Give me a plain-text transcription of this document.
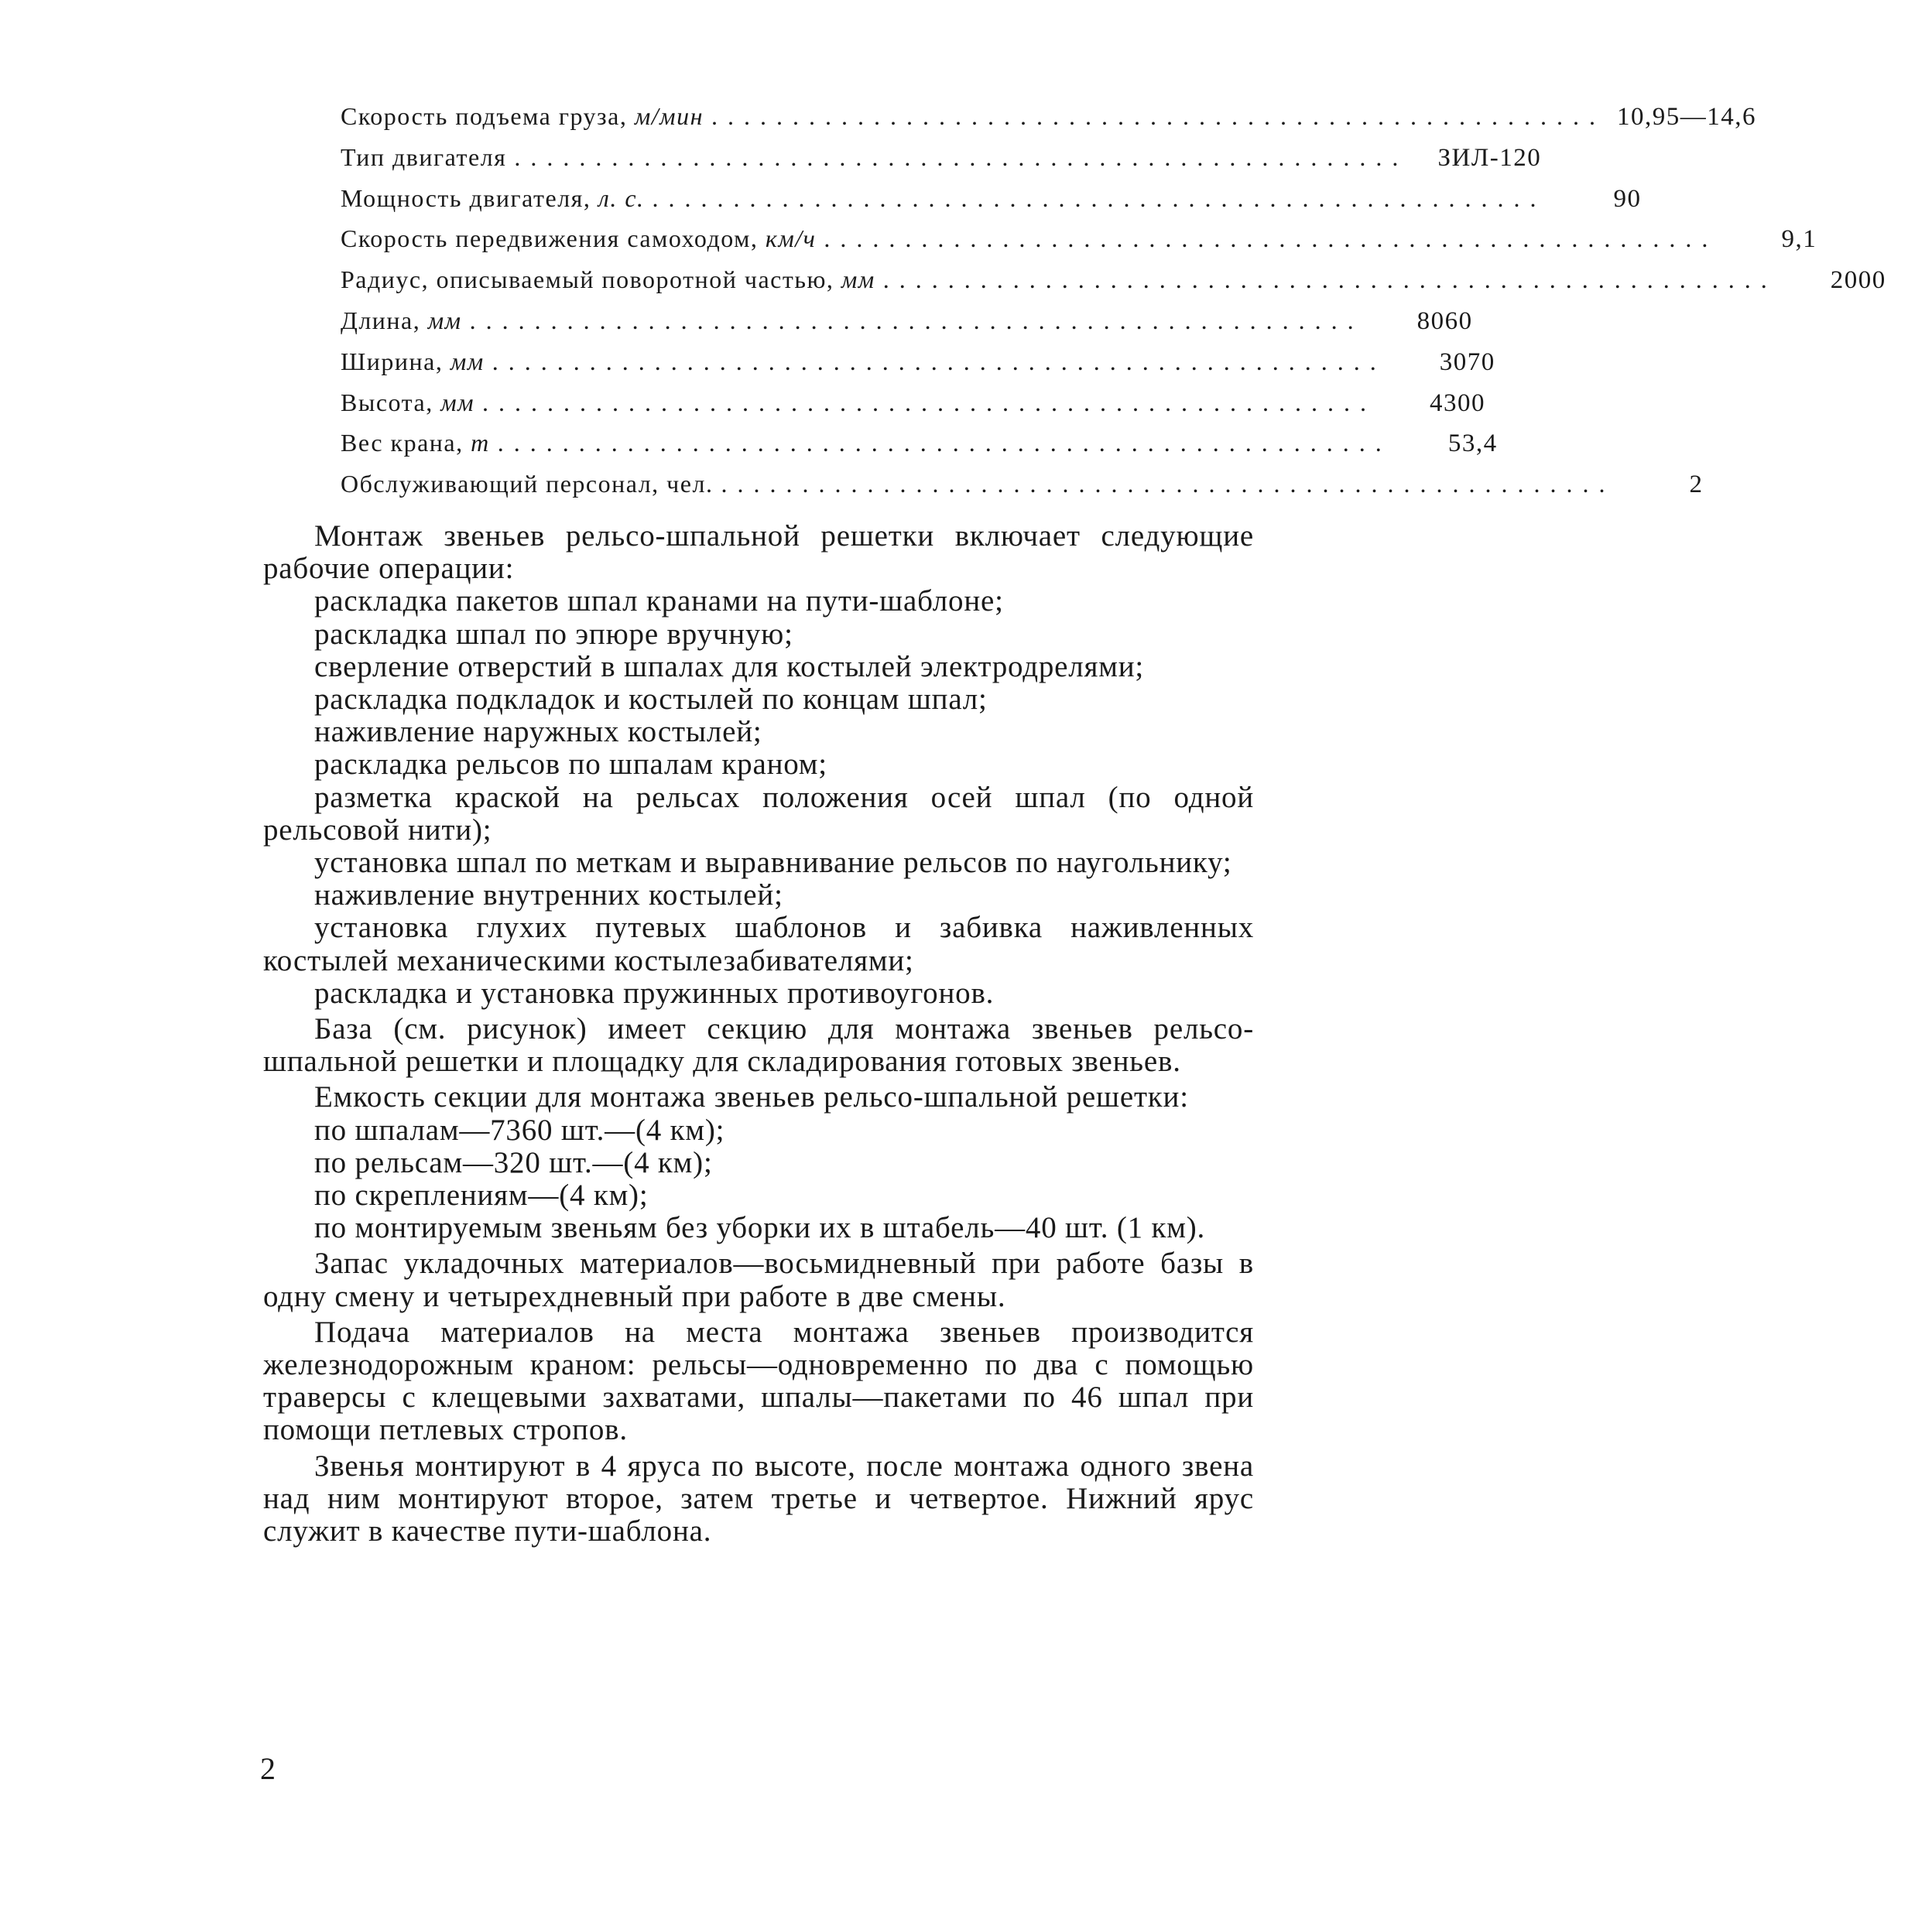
Скорость подъема груза,
м/мин ....................................................... 10,95—14,6
Тип двигателя .......................................................	ЗИЛ-120
Мощность двигателя,
л. с. .......................................................	90
Скорость передвижения самоходом,
км/ч .......................................................	9,1
Радиус, описываемый поворотной частью,
мм .......................................................	2000
Длина,
мм .......................................................	8060
Ширина,
мм .......................................................	3070
Высота,
мм .......................................................	4300
Вес крана,
т .......................................................	53,4
Обслуживающий персонал, чел. .......................................................	2

Монтаж звеньев рельсо-шпальной решетки включает следующие рабочие операции:

раскладка пакетов шпал кранами на пути-шаблоне;

раскладка шпал по эпюре вручную;

сверление отверстий в шпалах для костылей электродрелями;

раскладка подкладок и костылей по концам шпал;

наживление наружных костылей;

раскладка рельсов по шпалам краном;

разметка краской на рельсах положения осей шпал (по одной рельсовой нити);

установка шпал по меткам и выравнивание рельсов по наугольнику;

наживление внутренних костылей;

установка глухих путевых шаблонов и забивка наживленных костылей механическими костылезабивателями;

раскладка и установка пружинных противоугонов.

База (см. рисунок) имеет секцию для монтажа звеньев рельсо-шпальной решетки и площадку для складирования готовых звеньев.

Емкость секции для монтажа звеньев рельсо-шпальной решетки:

по шпалам—7360 шт.—(4 км);

по рельсам—320 шт.—(4 км);

по скреплениям—(4 км);

по монтируемым звеньям без уборки их в штабель—40 шт. (1 км).

Запас укладочных материалов—восьмидневный при работе базы в одну смену и четырехдневный при работе в две смены.

Подача материалов на места монтажа звеньев производится железнодорожным краном: рельсы—одновременно по два с помощью траверсы с клещевыми захватами, шпалы—пакетами по 46 шпал при помощи петлевых стропов.

Звенья монтируют в 4 яруса по высоте, после монтажа одного звена над ним монтируют второе, затем третье и четвертое. Нижний ярус служит в качестве пути-шаблона.

2
